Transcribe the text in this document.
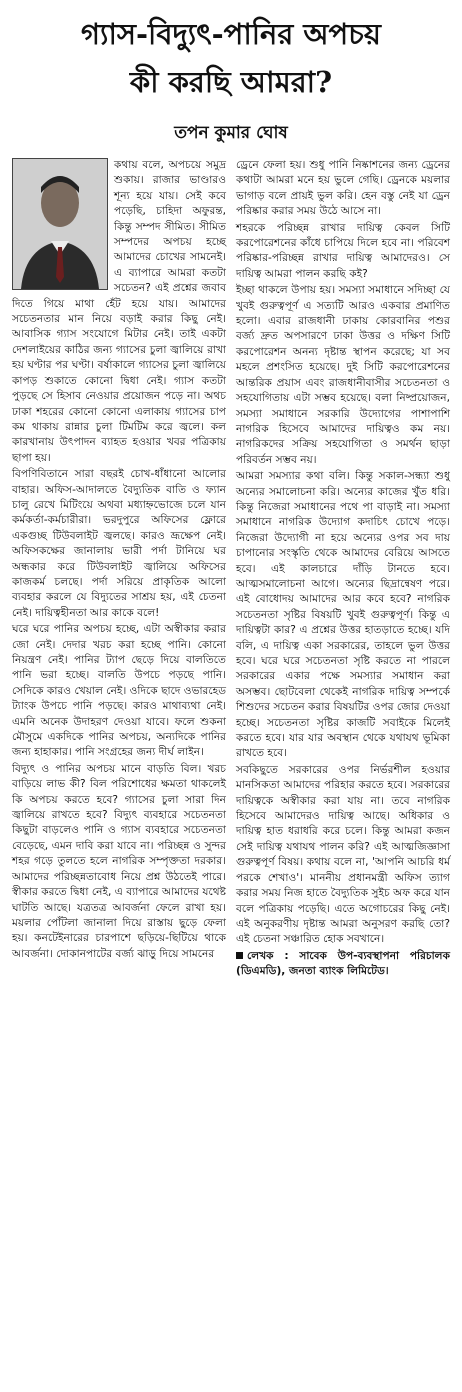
গ্যাস-বিদ্যুৎ-পানির অপচয়
কী করছি আমরা?
তপন কুমার ঘোষ

কথায় বলে, অপচয়ে সমুদ্র শুকায়। রাজার ভাণ্ডারও শূন্য হয়ে যায়। সেই কবে পড়েছি, চাহিদা অফুরন্ত, কিন্তু সম্পদ সীমিত। সীমিত সম্পদের অপচয় হচ্ছে আমাদের চোখের সামনেই। এ ব্যাপারে আমরা কতটা সচেতন? এই প্রশ্নের জবাব দিতে গিয়ে মাথা হেঁট হয়ে যায়। আমাদের সচেতনতার মান নিয়ে বড়াই করার কিছু নেই। আবাসিক গ্যাস সংযোগে মিটার নেই। তাই একটা দেশলাইয়ের কাঠির জন্য গ্যাসের চুলা জ্বালিয়ে রাখা হয় ঘণ্টার পর ঘণ্টা। বর্ষাকালে গ্যাসের চুলা জ্বালিয়ে কাপড় শুকাতে কোনো দ্বিধা নেই। গ্যাস কতটা পুড়ছে সে হিসাব নেওয়ার প্রয়োজন পড়ে না। অথচ ঢাকা শহরের কোনো কোনো এলাকায় গ্যাসের চাপ কম থাকায় রান্নার চুলা টিমটিম করে জ্বলে। কল কারখানায় উৎপাদন ব্যাহত হওয়ার খবর পত্রিকায় ছাপা হয়।

বিপণিবিতানে সারা বছরই চোখ-ধাঁধানো আলোর বাহার। অফিস-আদালতে বৈদ্যুতিক বাতি ও ফ্যান চালু রেখে মিটিংয়ে অথবা মধ্যাহ্নভোজে চলে যান কর্মকর্তা-কর্মচারীরা। ভরদুপুরে অফিসের ফ্লোরে একগুচ্ছ টিউবলাইট জ্বলছে। কারও ভ্রূক্ষেপ নেই। অফিসকক্ষের জানালায় ভারী পর্দা টানিয়ে ঘর অন্ধকার করে টিউবলাইট জ্বালিয়ে অফিসের কাজকর্ম চলছে। পর্দা সরিয়ে প্রাকৃতিক আলো ব্যবহার করলে যে বিদ্যুতের সাশ্রয় হয়, এই চেতনা নেই। দায়িত্বহীনতা আর কাকে বলে!

ঘরে ঘরে পানির অপচয় হচ্ছে, এটা অস্বীকার করার জো নেই। দেদার খরচ করা হচ্ছে পানি। কোনো নিয়ন্ত্রণ নেই। পানির ট্যাপ ছেড়ে দিয়ে বালতিতে পানি ভরা হচ্ছে। বালতি উপচে পড়ছে পানি। সেদিকে কারও খেয়াল নেই। ওদিকে ছাদে ওভারহেড ট্যাংক উপচে পানি পড়ছে। কারও মাথাব্যথা নেই। এমনি অনেক উদাহরণ দেওয়া যাবে। ফলে শুকনা মৌসুমে একদিকে পানির অপচয়, অন্যদিকে পানির জন্য হাহাকার। পানি সংগ্রহের জন্য দীর্ঘ লাইন।

বিদ্যুৎ ও পানির অপচয় মানে বাড়তি বিল। খরচ বাড়িয়ে লাভ কী? বিল পরিশোধের ক্ষমতা থাকলেই কি অপচয় করতে হবে? গ্যাসের চুলা সারা দিন জ্বালিয়ে রাখতে হবে? বিদ্যুৎ ব্যবহারে সচেতনতা কিছুটা বাড়লেও পানি ও গ্যাস ব্যবহারে সচেতনতা বেড়েছে, এমন দাবি করা যাবে না। পরিচ্ছন্ন ও সুন্দর শহর গড়ে তুলতে হলে নাগরিক সম্পৃক্ততা দরকার। আমাদের পরিচ্ছন্নতাবোধ নিয়ে প্রশ্ন উঠতেই পারে। স্বীকার করতে দ্বিধা নেই, এ ব্যাপারে আমাদের যথেষ্ট ঘাটতি আছে। যত্রতত্র আবর্জনা ফেলে রাখা হয়। ময়লার পোঁটলা জানালা দিয়ে রাস্তায় ছুড়ে ফেলা হয়। কনটেইনারের চারপাশে ছড়িয়ে-ছিটিয়ে থাকে আবর্জনা। দোকানপাটের বর্জ্য ঝাড়ু দিয়ে সামনের

ড্রেনে ফেলা হয়। শুধু পানি নিষ্কাশনের জন্য ড্রেনের কথাটা আমরা মনে হয় ভুলে গেছি। ড্রেনকে ময়লার ভাগাড় বলে প্রায়ই ভুল করি। হেন বস্তু নেই যা ড্রেন পরিষ্কার করার সময় উঠে আসে না।

শহরকে পরিচ্ছন্ন রাখার দায়িত্ব কেবল সিটি করপোরেশনের কাঁধে চাপিয়ে দিলে হবে না। পরিবেশ পরিষ্কার-পরিচ্ছন্ন রাখার দায়িত্ব আমাদেরও। সে দায়িত্ব আমরা পালন করছি কই?

ইচ্ছা থাকলে উপায় হয়। সমস্যা সমাধানে সদিচ্ছা যে খুবই গুরুত্বপূর্ণ এ সত্যটি আরও একবার প্রমাণিত হলো। এবার রাজধানী ঢাকায় কোরবানির পশুর বর্জ্য দ্রুত অপসারণে ঢাকা উত্তর ও দক্ষিণ সিটি করপোরেশন অনন্য দৃষ্টান্ত স্থাপন করেছে; যা সব মহলে প্রশংসিত হয়েছে। দুই সিটি করপোরেশনের আন্তরিক প্রয়াস এবং রাজধানীবাসীর সচেতনতা ও সহযোগিতায় এটা সম্ভব হয়েছে। বলা নিষ্প্রয়োজন, সমস্যা সমাধানে সরকারি উদ্যোগের পাশাপাশি নাগরিক হিসেবে আমাদের দায়িত্বও কম নয়। নাগরিকদের সক্রিয় সহযোগিতা ও সমর্থন ছাড়া পরিবর্তন সম্ভব নয়।

আমরা সমস্যার কথা বলি। কিন্তু সকাল-সন্ধ্যা শুধু অন্যের সমালোচনা করি। অন্যের কাজের খুঁত ধরি। কিন্তু নিজেরা সমাধানের পথে পা বাড়াই না। সমস্যা সমাধানে নাগরিক উদ্যোগ কদাচিৎ চোখে পড়ে। নিজেরা উদ্যোগী না হয়ে অন্যের ওপর সব দায় চাপানোর সংস্কৃতি থেকে আমাদের বেরিয়ে আসতে হবে। এই কালচারে দাঁড়ি টানতে হবে। আত্মসমালোচনা আগে। অন্যের ছিদ্রান্বেষণ পরে। এই বোধোদয় আমাদের আর কবে হবে? নাগরিক সচেতনতা সৃষ্টির বিষয়টি খুবই গুরুত্বপূর্ণ। কিন্তু এ দায়িত্বটা কার? এ প্রশ্নের উত্তর হাতড়াতে হচ্ছে। যদি বলি, এ দায়িত্ব একা সরকারের, তাহলে ভুল উত্তর হবে। ঘরে ঘরে সচেতনতা সৃষ্টি করতে না পারলে সরকারের একার পক্ষে সমস্যার সমাধান করা অসম্ভব। ছোটবেলা থেকেই নাগরিক দায়িত্ব সম্পর্কে শিশুদের সচেতন করার বিষয়টির ওপর জোর দেওয়া হচ্ছে। সচেতনতা সৃষ্টির কাজটি সবাইকে মিলেই করতে হবে। যার যার অবস্থান থেকে যথাযথ ভূমিকা রাখতে হবে।

সবকিছুতে সরকারের ওপর নির্ভরশীল হওয়ার মানসিকতা আমাদের পরিহার করতে হবে। সরকারের দায়িত্বকে অস্বীকার করা যায় না। তবে নাগরিক হিসেবে আমাদেরও দায়িত্ব আছে। অধিকার ও দায়িত্ব হাত ধরাধরি করে চলে। কিন্তু আমরা কজন সেই দায়িত্ব যথাযথ পালন করি? এই আত্মজিজ্ঞাসা গুরুত্বপূর্ণ বিষয়। কথায় বলে না, 'আপনি আচরি ধর্ম পরকে শেখাও'। মাননীয় প্রধানমন্ত্রী অফিস ত্যাগ করার সময় নিজ হাতে বৈদ্যুতিক সুইচ অফ করে যান বলে পত্রিকায় পড়েছি। এতে অগোচরের কিছু নেই। এই অনুকরণীয় দৃষ্টান্ত আমরা অনুসরণ করছি তো? এই চেতনা সঞ্চারিত হোক সবখানে।

লেখক : সাবেক উপ-ব্যবস্থাপনা পরিচালক (ডিএমডি), জনতা ব্যাংক লিমিটেড।
